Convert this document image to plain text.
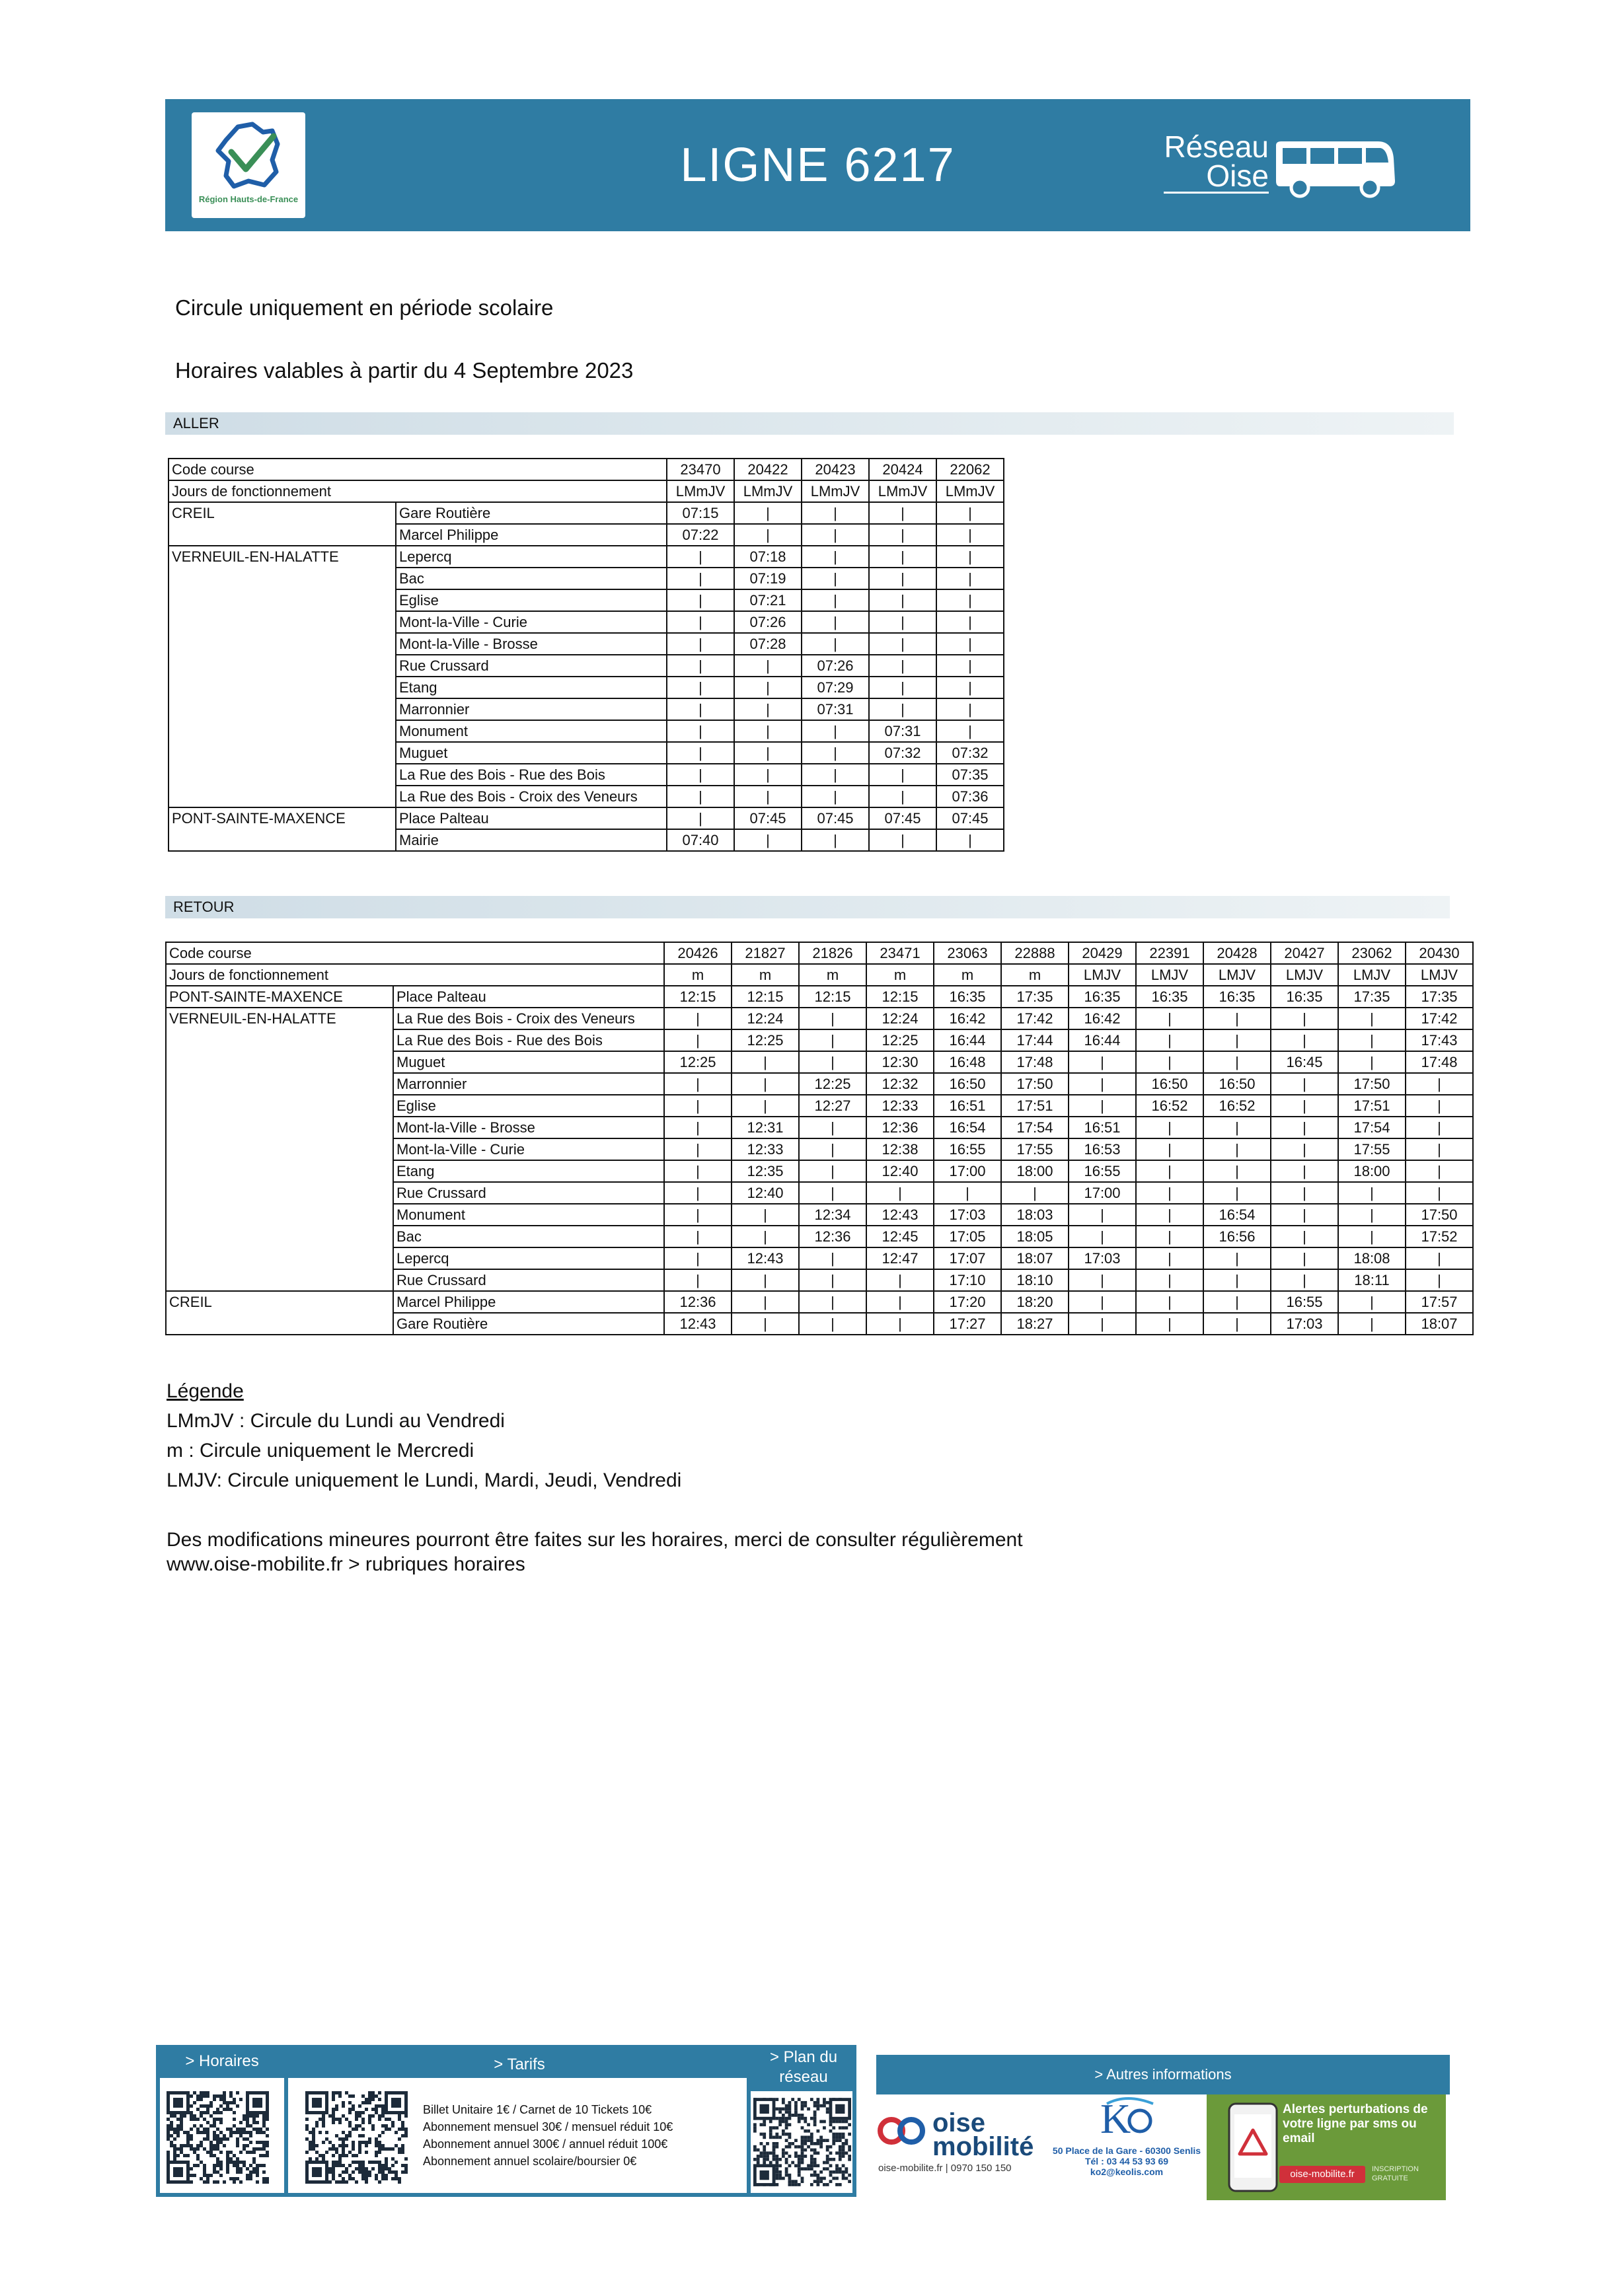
LIGNE 6217
Région Hauts-de-France
Réseau
Oise
Circule uniquement en période scolaire
Horaires valables à partir du 4 Septembre 2023
ALLER
Code course		23470	20422	20423	20424	22062
Jours de fonctionnement		LMmJV	LMmJV	LMmJV	LMmJV	LMmJV
CREIL	Gare Routière	07:15	|	|	|	|
	Marcel Philippe	07:22	|	|	|	|
VERNEUIL-EN-HALATTE	Lepercq	|	07:18	|	|	|
	Bac	|	07:19	|	|	|
	Eglise	|	07:21	|	|	|
	Mont-la-Ville - Curie	|	07:26	|	|	|
	Mont-la-Ville - Brosse	|	07:28	|	|	|
	Rue Crussard	|	|	07:26	|	|
	Etang	|	|	07:29	|	|
	Marronnier	|	|	07:31	|	|
	Monument	|	|	|	07:31	|
	Muguet	|	|	|	07:32	07:32
	La Rue des Bois - Rue des Bois	|	|	|	|	07:35
	La Rue des Bois - Croix des Veneurs	|	|	|	|	07:36
PONT-SAINTE-MAXENCE	Place Palteau	|	07:45	07:45	07:45	07:45
	Mairie	07:40	|	|	|	|
RETOUR
Code course		20426	21827	21826	23471	23063	22888	20429	22391	20428	20427	23062	20430
Jours de fonctionnement		m	m	m	m	m	m	LMJV	LMJV	LMJV	LMJV	LMJV	LMJV
PONT-SAINTE-MAXENCE	Place Palteau	12:15	12:15	12:15	12:15	16:35	17:35	16:35	16:35	16:35	16:35	17:35	17:35
VERNEUIL-EN-HALATTE	La Rue des Bois - Croix des Veneurs	|	12:24	|	12:24	16:42	17:42	16:42	|	|	|	|	17:42
	La Rue des Bois - Rue des Bois	|	12:25	|	12:25	16:44	17:44	16:44	|	|	|	|	17:43
	Muguet	12:25	|	|	12:30	16:48	17:48	|	|	|	16:45	|	17:48
	Marronnier	|	|	12:25	12:32	16:50	17:50	|	16:50	16:50	|	17:50	|
	Eglise	|	|	12:27	12:33	16:51	17:51	|	16:52	16:52	|	17:51	|
	Mont-la-Ville - Brosse	|	12:31	|	12:36	16:54	17:54	16:51	|	|	|	17:54	|
	Mont-la-Ville - Curie	|	12:33	|	12:38	16:55	17:55	16:53	|	|	|	17:55	|
	Etang	|	12:35	|	12:40	17:00	18:00	16:55	|	|	|	18:00	|
	Rue Crussard	|	12:40	|	|	|	|	17:00	|	|	|	|	|
	Monument	|	|	12:34	12:43	17:03	18:03	|	|	16:54	|	|	17:50
	Bac	|	|	12:36	12:45	17:05	18:05	|	|	16:56	|	|	17:52
	Lepercq	|	12:43	|	12:47	17:07	18:07	17:03	|	|	|	18:08	|
	Rue Crussard	|	|	|	|	17:10	18:10	|	|	|	|	18:11	|
CREIL	Marcel Philippe	12:36	|	|	|	17:20	18:20	|	|	|	16:55	|	17:57
	Gare Routière	12:43	|	|	|	17:27	18:27	|	|	|	17:03	|	18:07
Légende
LMmJV : Circule du Lundi au Vendredi
m : Circule uniquement le Mercredi
LMJV: Circule uniquement le Lundi, Mardi, Jeudi, Vendredi
Des modifications mineures pourront être faites sur les horaires, merci de consulter régulièrement
www.oise-mobilite.fr > rubriques horaires
> Horaires	> Tarifs	> Plan du
réseau	> Autres informations
Billet Unitaire 1€ / Carnet de 10 Tickets 10€
Abonnement mensuel 30€ / mensuel réduit 10€
Abonnement annuel 300€ / annuel réduit 100€
Abonnement annuel scolaire/boursier 0€
oise
mobilité
oise-mobilite.fr | 0970 150 150
K
50 Place de la Gare - 60300 Senlis
Tél : 03 44 53 93 69
ko2@keolis.com
Alertes perturbations de votre ligne par sms ou email
oise-mobilite.fr	INSCRIPTION GRATUITE
